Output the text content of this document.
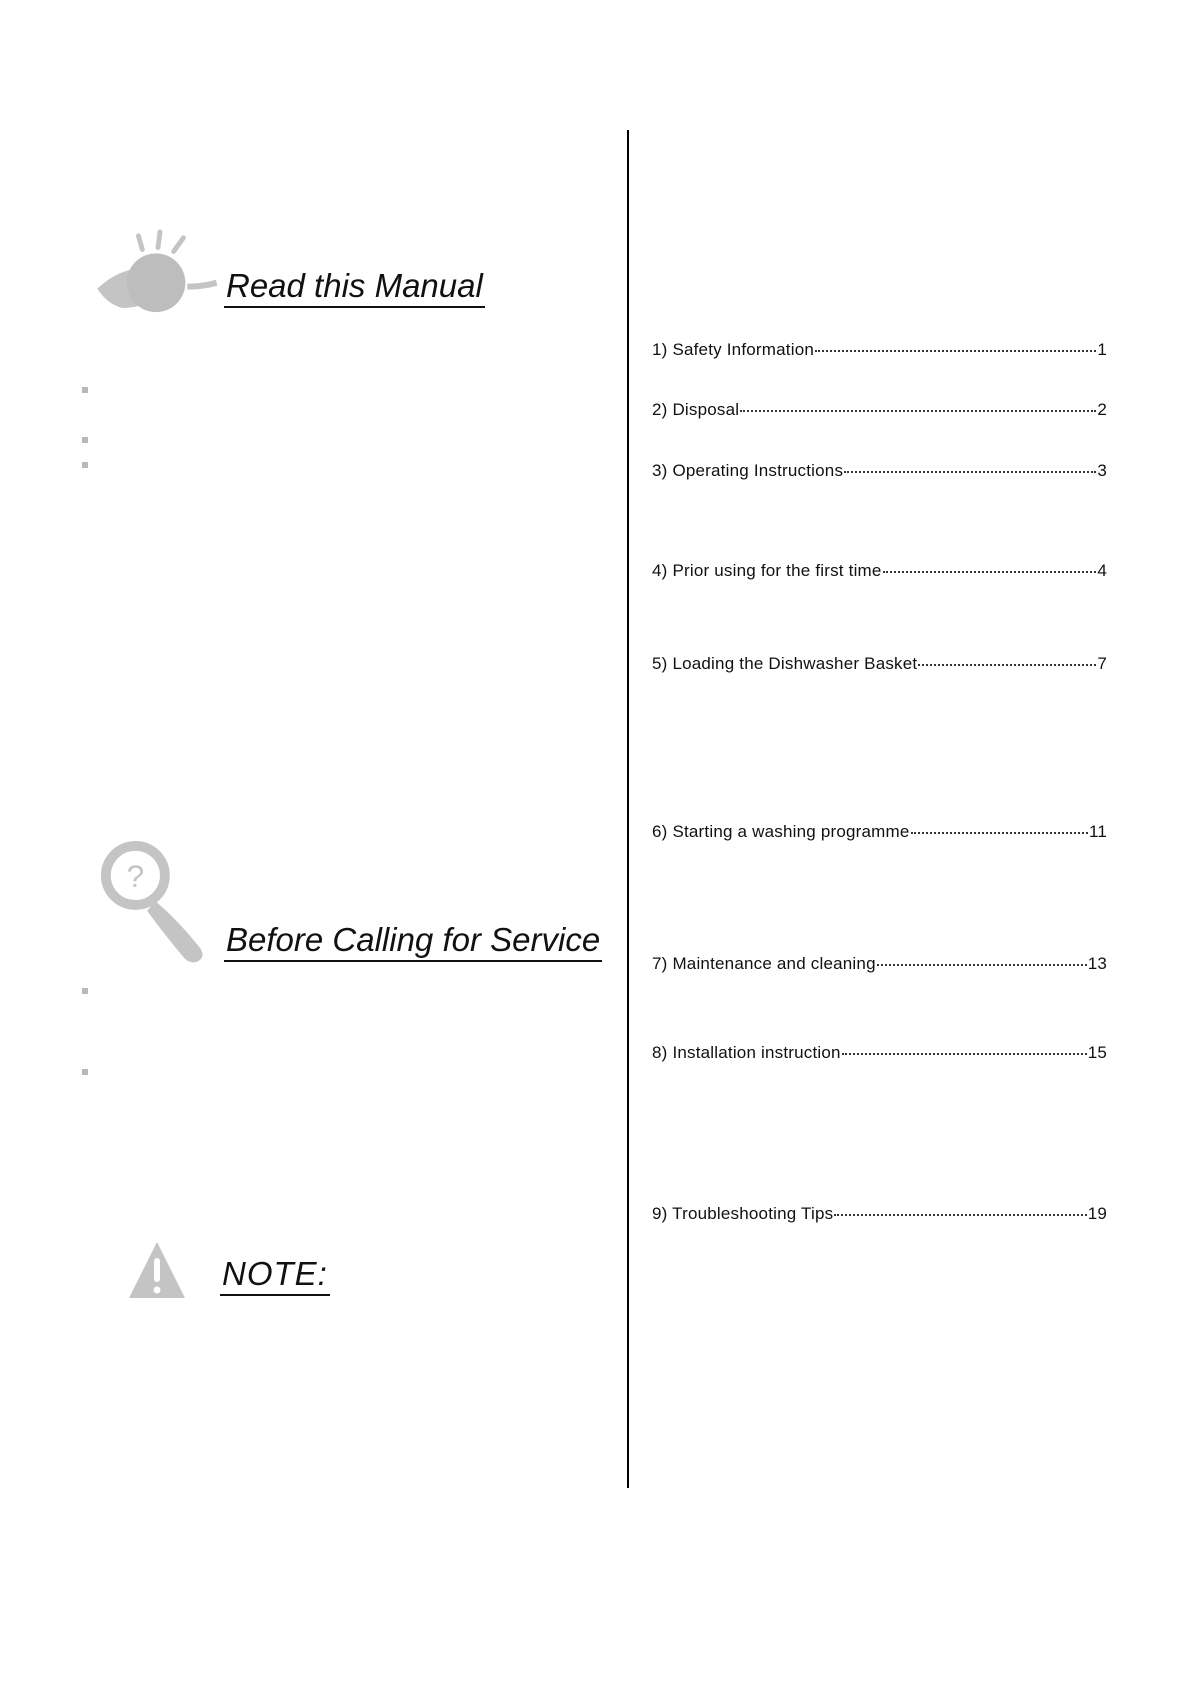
Read this Manual
?
Before Calling for Service
NOTE:
1) Safety Information	1
2) Disposal	2
3) Operating Instructions	3
4) Prior using for the first time	4
5) Loading the Dishwasher Basket	7
6) Starting a washing programme	11
7) Maintenance and cleaning	13
8) Installation instruction	15
9) Troubleshooting Tips	19
